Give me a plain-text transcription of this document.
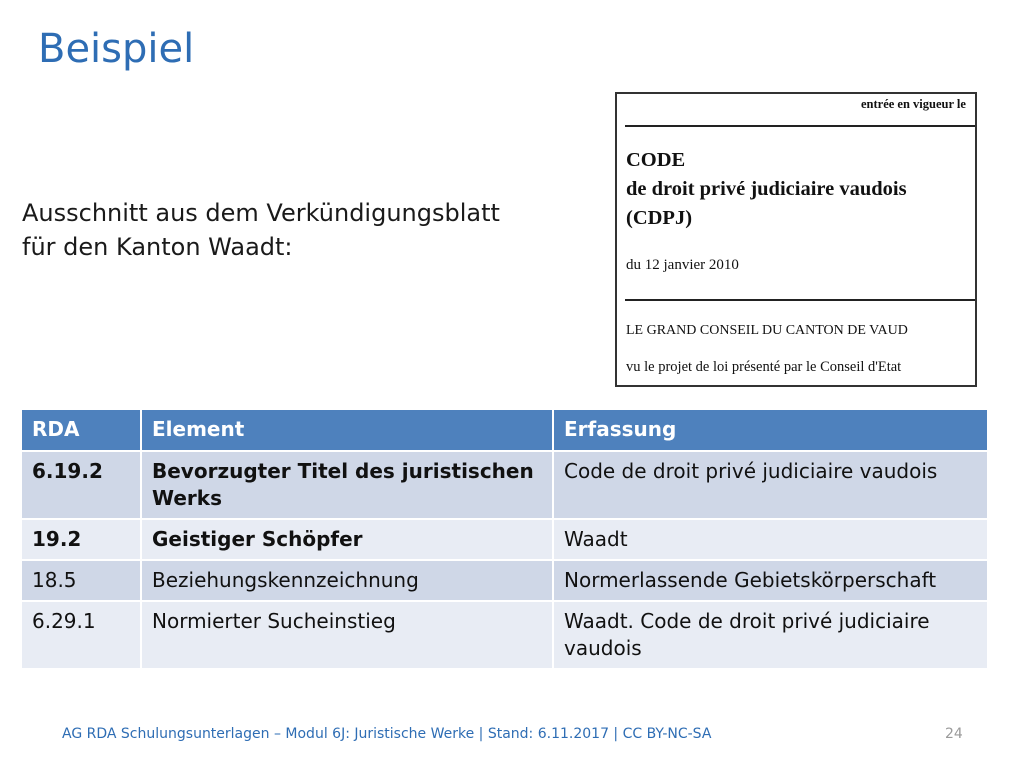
Beispiel
Ausschnitt aus dem Verkündigungsblatt
für den Kanton Waadt:
entrée en vigueur le
CODE
de droit privé judiciaire vaudois
(CDPJ)
du 12 janvier 2010
LE GRAND CONSEIL DU CANTON DE VAUD
vu le projet de loi présenté par le Conseil d'Etat
RDA	Element	Erfassung
6.19.2	Bevorzugter Titel des juristischen Werks	Code de droit privé judiciaire vaudois
19.2	Geistiger Schöpfer	Waadt
18.5	Beziehungskennzeichnung	Normerlassende Gebietskörperschaft
6.29.1	Normierter Sucheinstieg	Waadt. Code de droit privé judiciaire vaudois
AG RDA Schulungsunterlagen – Modul 6J: Juristische Werke | Stand: 6.11.2017 | CC BY-NC-SA	24
